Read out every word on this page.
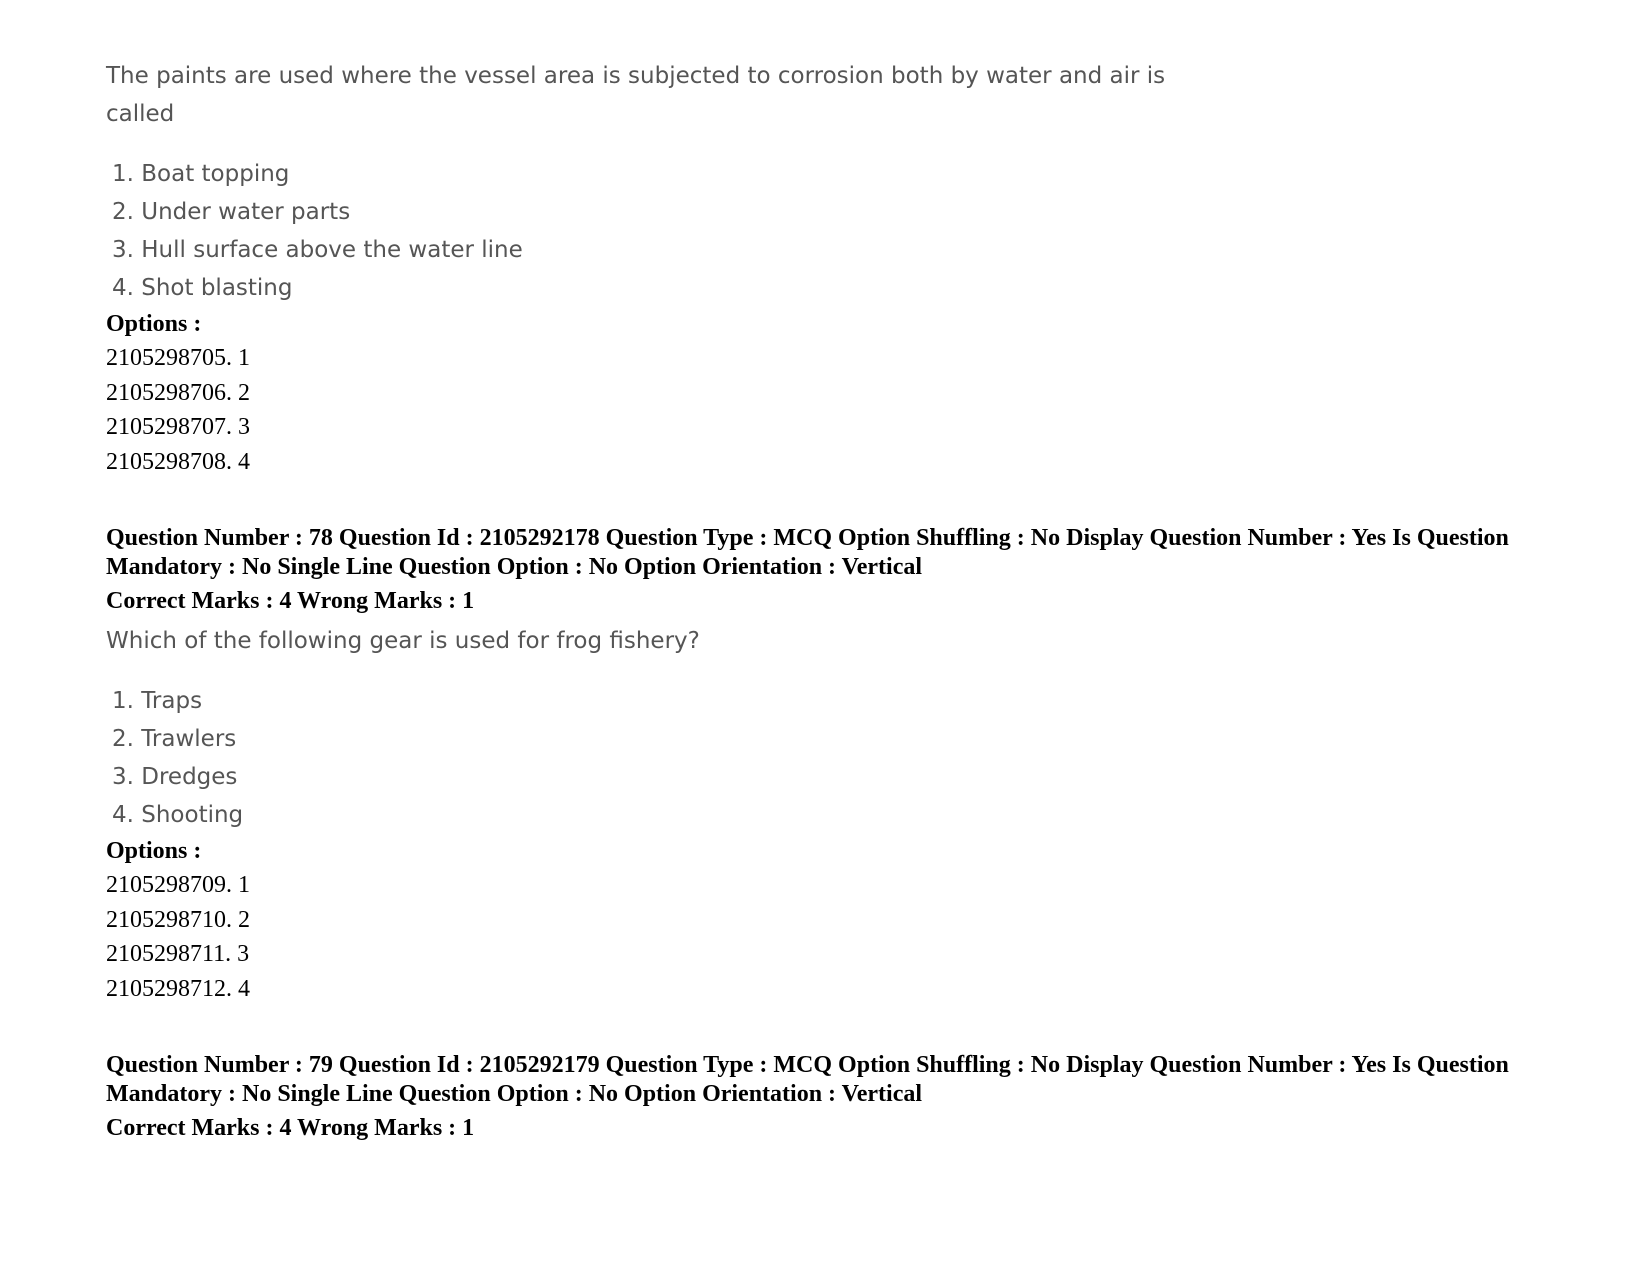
The paints are used where the vessel area is subjected to corrosion both by water and air is called

1. Boat topping
2. Under water parts
3. Hull surface above the water line
4. Shot blasting
Options :
2105298705. 1
2105298706. 2
2105298707. 3
2105298708. 4

Question Number : 78 Question Id : 2105292178 Question Type : MCQ Option Shuffling : No Display Question Number : Yes Is Question Mandatory : No Single Line Question Option : No Option Orientation : Vertical

Correct Marks : 4 Wrong Marks : 1

Which of the following gear is used for frog fishery?

1. Traps
2. Trawlers
3. Dredges
4. Shooting
Options :
2105298709. 1
2105298710. 2
2105298711. 3
2105298712. 4

Question Number : 79 Question Id : 2105292179 Question Type : MCQ Option Shuffling : No Display Question Number : Yes Is Question Mandatory : No Single Line Question Option : No Option Orientation : Vertical

Correct Marks : 4 Wrong Marks : 1
